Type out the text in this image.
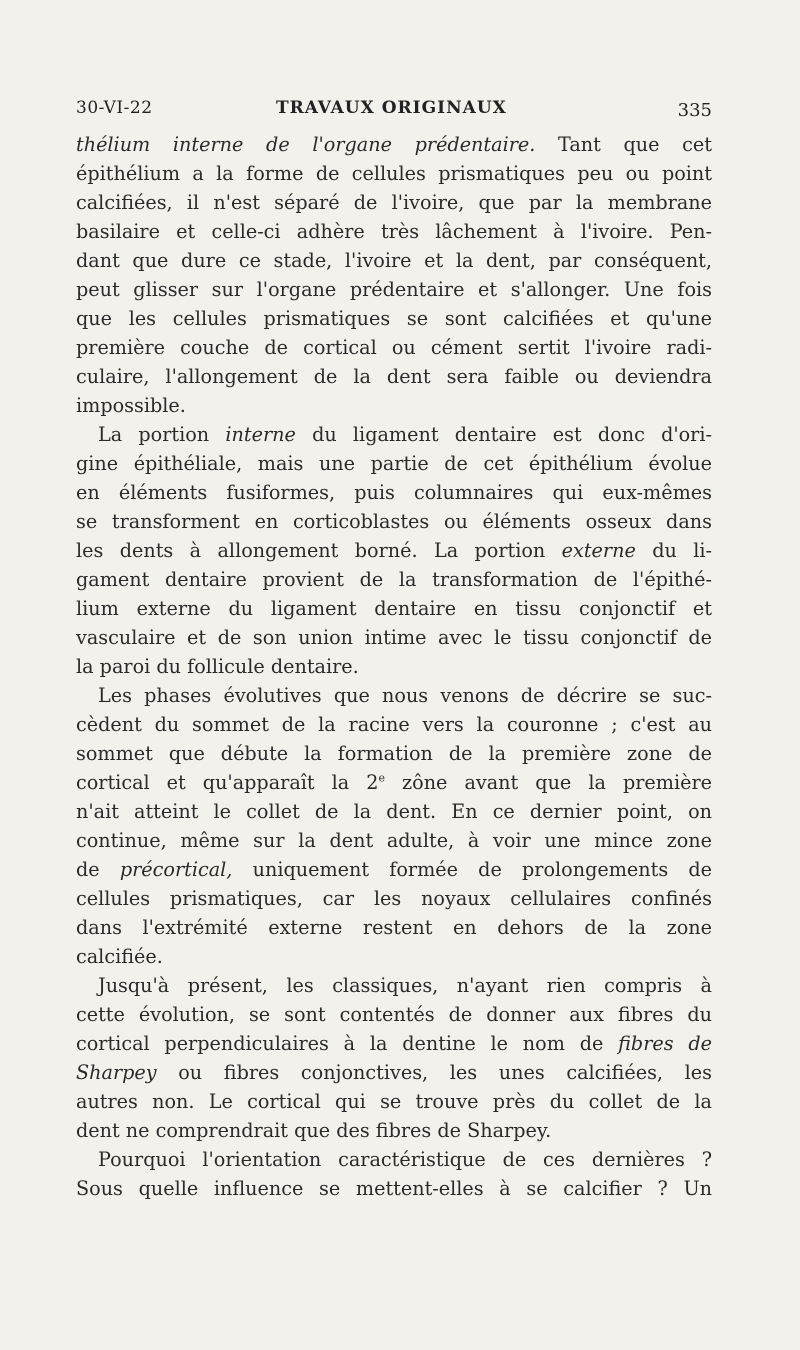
30-VI-22	TRAVAUX ORIGINAUX	335
thélium interne de l'organe prédentaire. Tant que cet
épithélium a la forme de cellules prismatiques peu ou point
calcifiées, il n'est séparé de l'ivoire, que par la membrane
basilaire et celle-ci adhère très lâchement à l'ivoire. Pen-
dant que dure ce stade, l'ivoire et la dent, par conséquent,
peut glisser sur l'organe prédentaire et s'allonger. Une fois
que les cellules prismatiques se sont calcifiées et qu'une
première couche de cortical ou cément sertit l'ivoire radi-
culaire, l'allongement de la dent sera faible ou deviendra
impossible.
La portion interne du ligament dentaire est donc d'ori-
gine épithéliale, mais une partie de cet épithélium évolue
en éléments fusiformes, puis columnaires qui eux-mêmes
se transforment en corticoblastes ou éléments osseux dans
les dents à allongement borné. La portion externe du li-
gament dentaire provient de la transformation de l'épithé-
lium externe du ligament dentaire en tissu conjonctif et
vasculaire et de son union intime avec le tissu conjonctif de
la paroi du follicule dentaire.
Les phases évolutives que nous venons de décrire se suc-
cèdent du sommet de la racine vers la couronne ; c'est au
sommet que débute la formation de la première zone de
cortical et qu'apparaît la 2e zône avant que la première
n'ait atteint le collet de la dent. En ce dernier point, on
continue, même sur la dent adulte, à voir une mince zone
de précortical, uniquement formée de prolongements de
cellules prismatiques, car les noyaux cellulaires confinés
dans l'extrémité externe restent en dehors de la zone
calcifiée.
Jusqu'à présent, les classiques, n'ayant rien compris à
cette évolution, se sont contentés de donner aux fibres du
cortical perpendiculaires à la dentine le nom de fibres de
Sharpey ou fibres conjonctives, les unes calcifiées, les
autres non. Le cortical qui se trouve près du collet de la
dent ne comprendrait que des fibres de Sharpey.
Pourquoi l'orientation caractéristique de ces dernières ?
Sous quelle influence se mettent-elles à se calcifier ? Un
